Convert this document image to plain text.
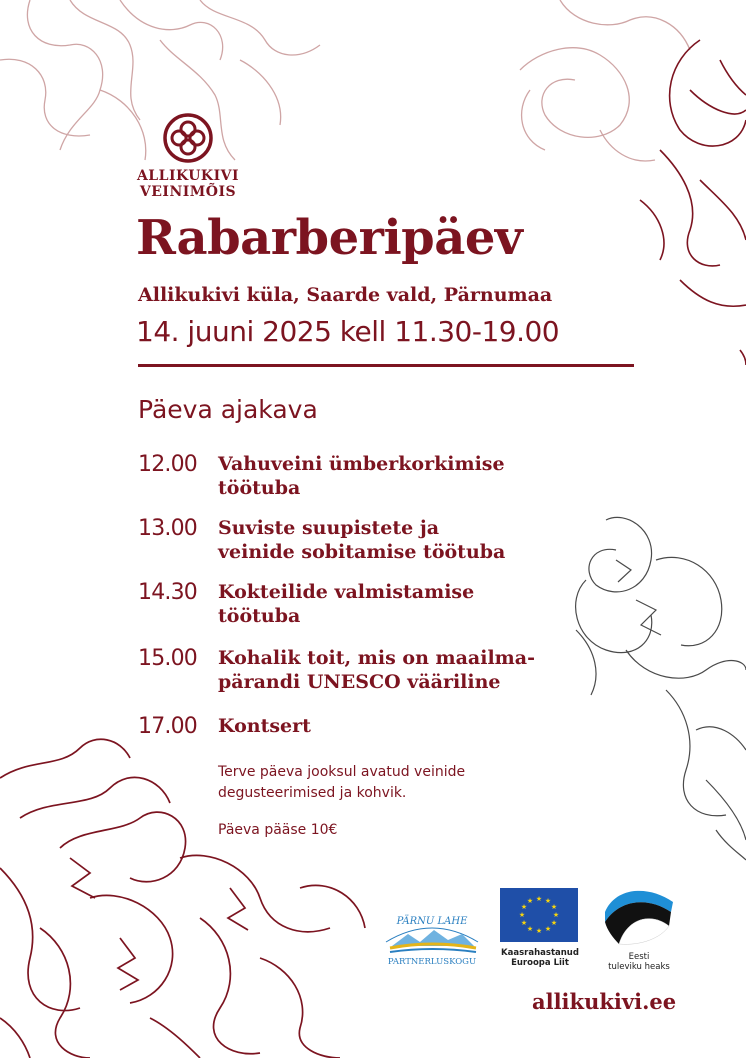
ALLIKUKIVI
VEINIMÕIS
Rabarberipäev
Allikukivi küla, Saarde vald, Pärnumaa
14. juuni 2025 kell 11.30-19.00
Päeva ajakava
12.00	Vahuveini ümberkorkimise
töötuba
13.00	Suviste suupistete ja
veinide sobitamise töötuba
14.30	Kokteilide valmistamise
töötuba
15.00	Kohalik toit, mis on maailma-
pärandi UNESCO vääriline
17.00	Kontsert
Terve päeva jooksul avatud veinide
degusteerimised ja kohvik.
Päeva pääse 10€
PÄRNU LAHE
PARTNERLUSKOGU
★ ★
★
★
★
★
★
★
★
★
★
★
Kaasrahastanud
Euroopa Liit
Eesti
tuleviku heaks
allikukivi.ee
